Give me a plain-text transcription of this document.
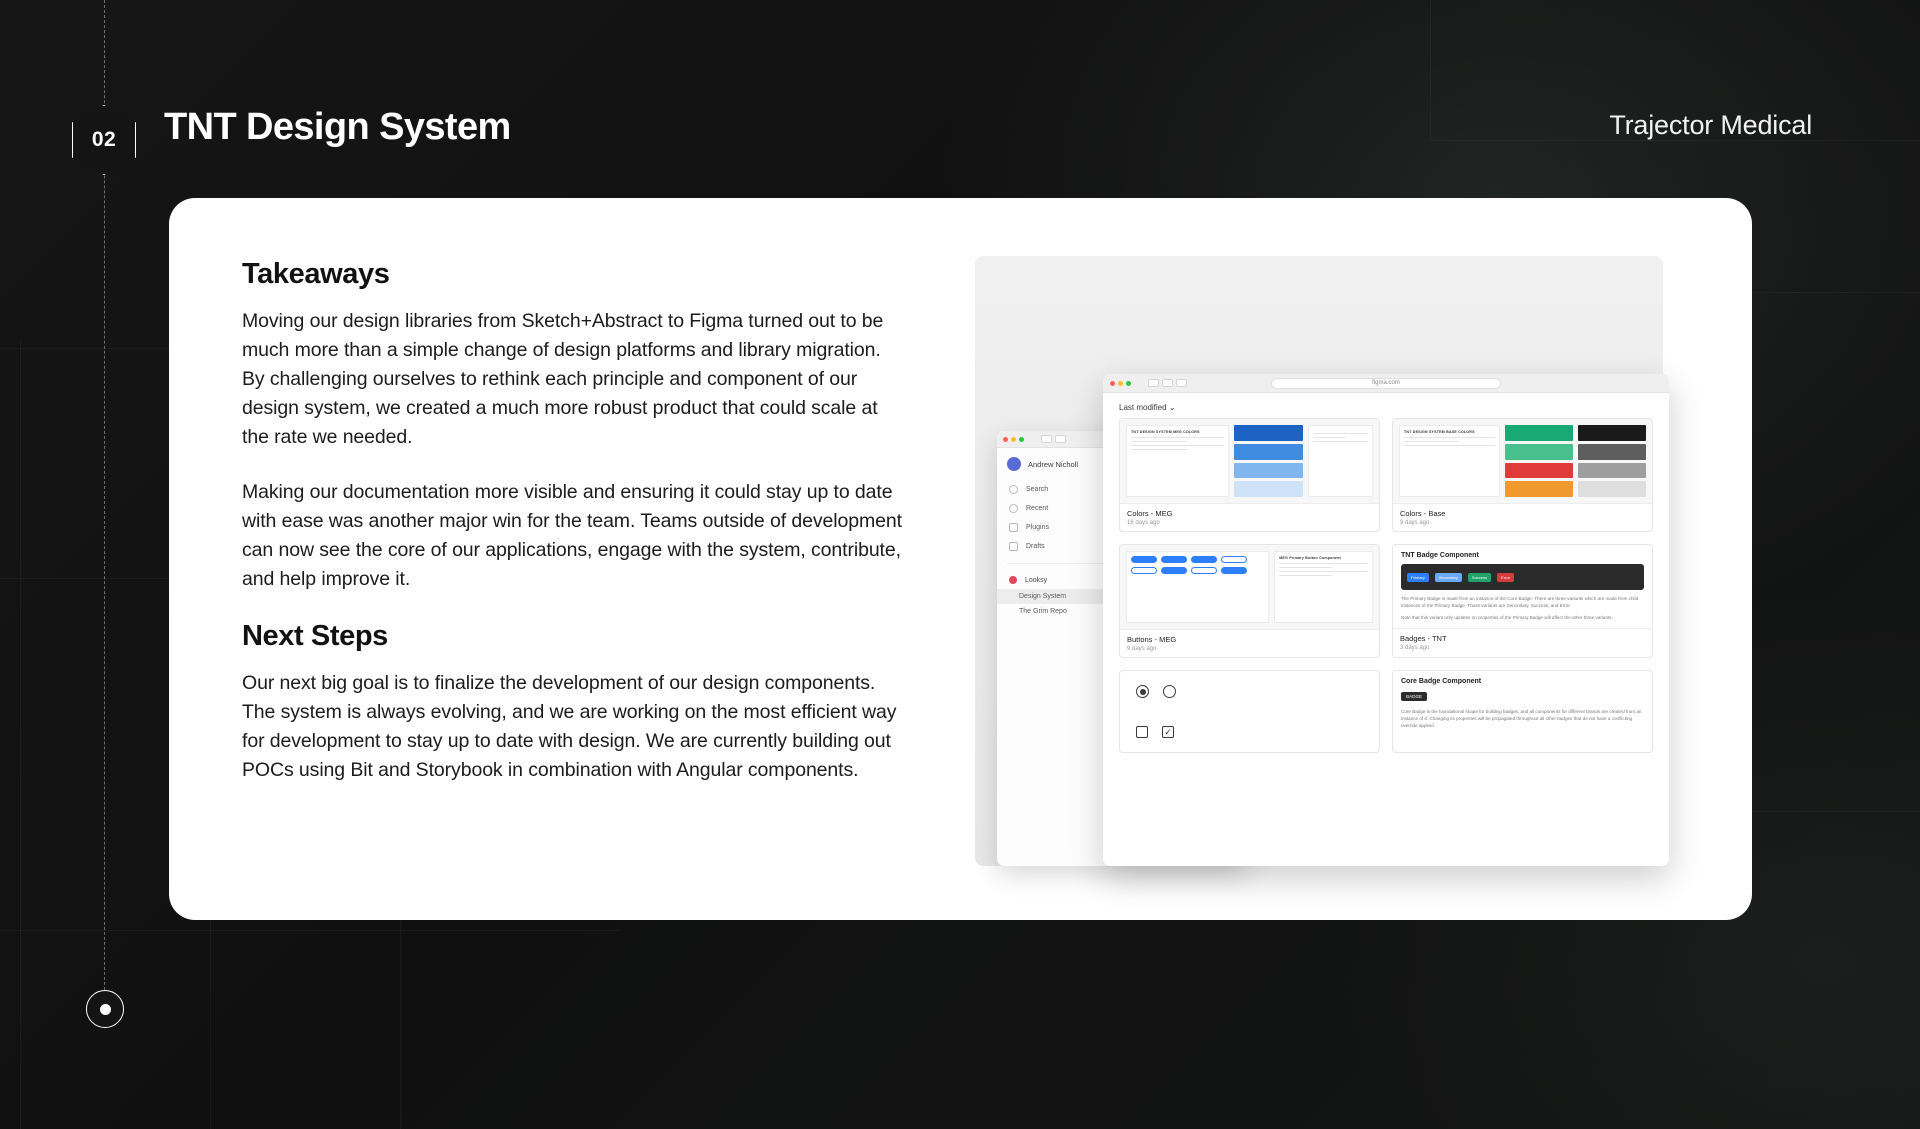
02 TNT Design System	Trajector Medical
Takeaways
Moving our design libraries from Sketch+Abstract to Figma turned out to be much more than a simple change of design platforms and library migration. By challenging ourselves to rethink each principle and component of our design system, we created a much more robust product that could scale at the rate we needed.
Making our documentation more visible and ensuring it could stay up to date with ease was another major win for the team. Teams outside of development can now see the core of our applications, engage with the system, contribute, and help improve it.
Next Steps
Our next big goal is to finalize the development of our design components. The system is always evolving, and we are working on the most efficient way for development to stay up to date with design. We are currently building out POCs using Bit and Storybook in combination with Angular components.
Andrew Nicholl
Search
Recent
Plugins
Drafts
Looksy
Design System
The Grim Repo
figma.com
Last modified ⌄
TNT DESIGN SYSTEM MEG COLORS
Colors - MEG
16 days ago
TNT DESIGN SYSTEM BASE COLORS
Colors - Base
9 days ago
MEG Primary Button Component
Buttons - MEG
9 days ago
TNT Badge Component
Primary	Secondary	Success	Error
The Primary Badge is made from an instance of the Core Badge. There are three variants which are made from child instances of the Primary Badge. Those variants are Secondary, Success, and Error.
Note that this variant only updates on properties of the Primary Badge will affect the other three variants.
Badges - TNT
3 days ago
✓
Core Badge Component
BADGE
Core Badge is the foundational shape for building badges, and all components for different brands are created from an instance of it. Changing its properties will be propagated throughout all other badges that do not have a conflicting override applied.
